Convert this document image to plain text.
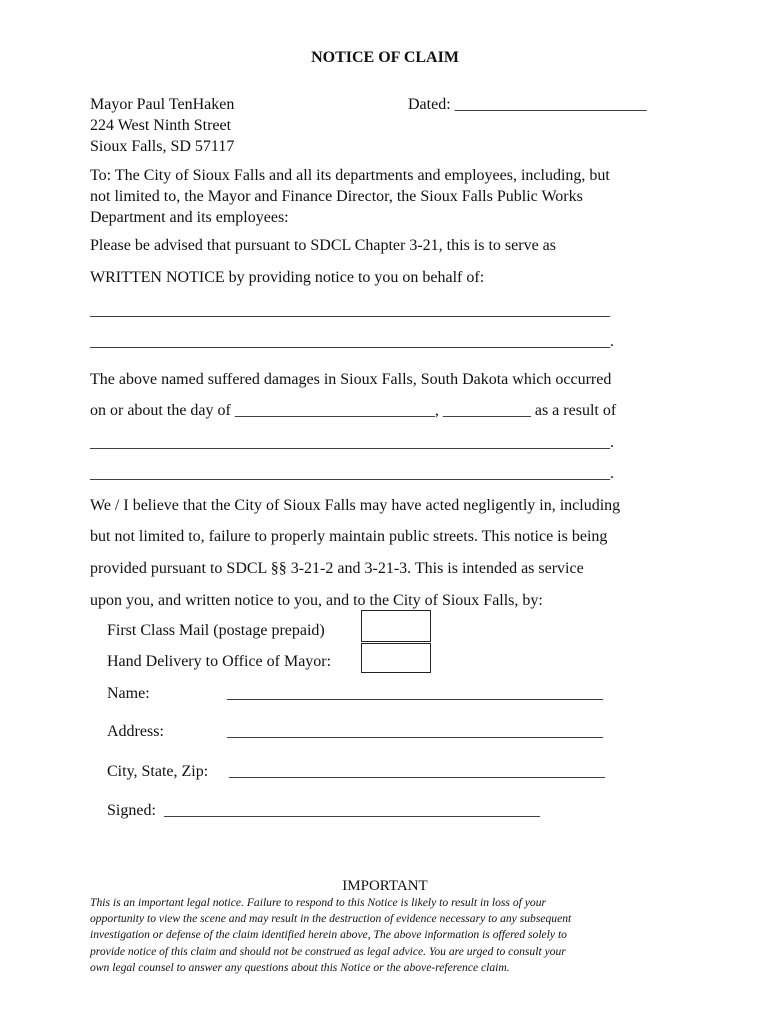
NOTICE OF CLAIM
Mayor Paul TenHaken
224 West Ninth Street
Sioux Falls, SD 57117
Dated: ________________________
To: The City of Sioux Falls and all its departments and employees, including, but
not limited to, the Mayor and Finance Director, the Sioux Falls Public Works
Department and its employees:
Please be advised that pursuant to SDCL Chapter 3-21, this is to serve as
WRITTEN NOTICE by providing notice to you on behalf of:
_________________________________________________________________
_________________________________________________________________.
The above named suffered damages in Sioux Falls, South Dakota which occurred
on or about the day of _________________________, ___________ as a result of
_________________________________________________________________.
_________________________________________________________________.
We / I believe that the City of Sioux Falls may have acted negligently in, including
but not limited to, failure to properly maintain public streets. This notice is being
provided pursuant to SDCL §§ 3-21-2 and 3-21-3. This is intended as service
upon you, and written notice to you, and to the City of Sioux Falls, by:
First Class Mail (postage prepaid)
Hand Delivery to Office of Mayor:
Name:	_______________________________________________
Address:	_______________________________________________
City, State, Zip: _______________________________________________
Signed: _______________________________________________
IMPORTANT
This is an important legal notice. Failure to respond to this Notice is likely to result in loss of your
opportunity to view the scene and may result in the destruction of evidence necessary to any subsequent
investigation or defense of the claim identified herein above, The above information is offered solely to
provide notice of this claim and should not be construed as legal advice. You are urged to consult your
own legal counsel to answer any questions about this Notice or the above-reference claim.
